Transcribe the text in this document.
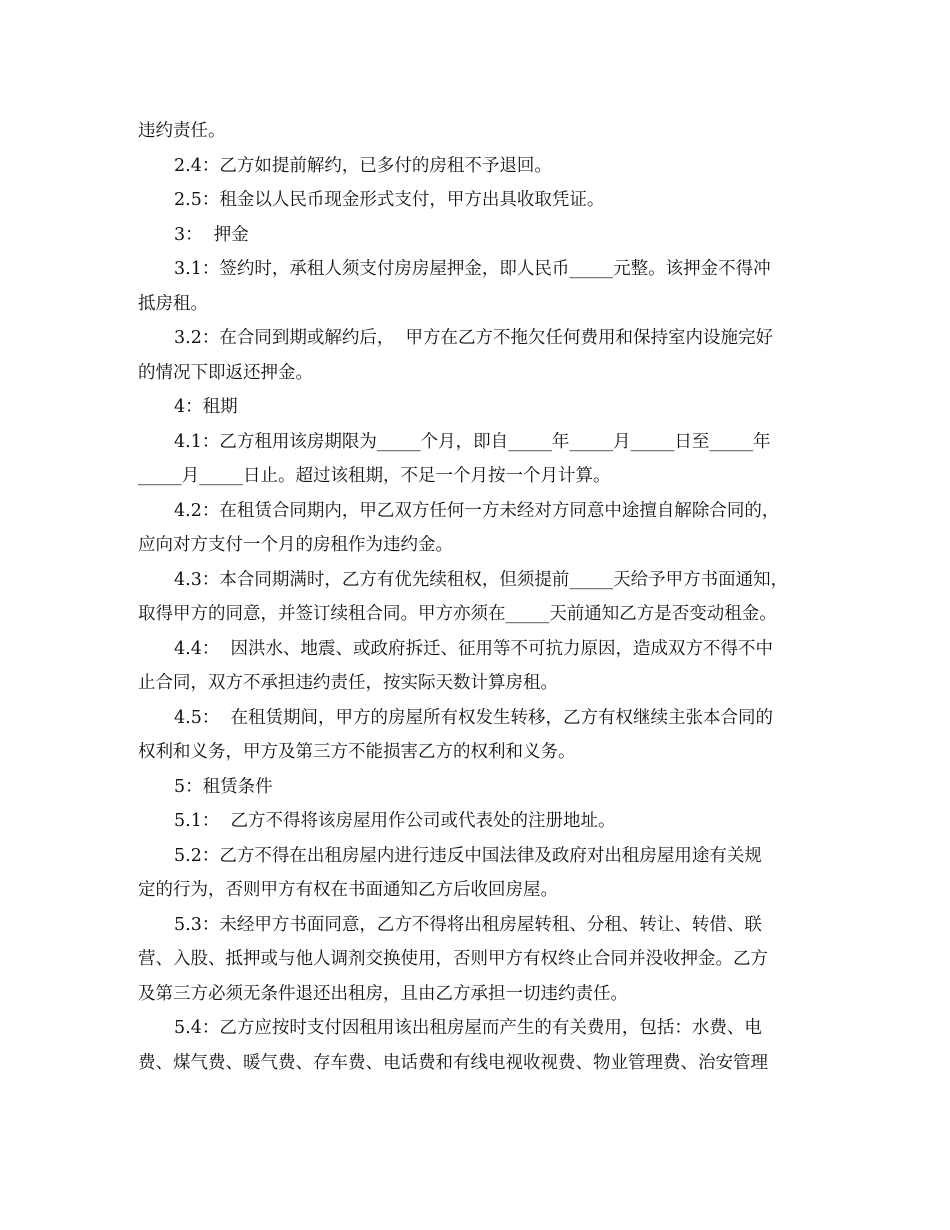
违约责任。
2.4：乙方如提前解约，已多付的房租不予退回。
2.5：租金以人民币现金形式支付，甲方出具收取凭证。
3：  押金
3.1：签约时，承租人须支付房房屋押金，即人民币_____元整。该押金不得冲
抵房租。
3.2：在合同到期或解约后，  甲方在乙方不拖欠任何费用和保持室内设施完好
的情况下即返还押金。
4：租期
4.1：乙方租用该房期限为_____个月，即自_____年_____月_____日至_____年
_____月_____日止。超过该租期，不足一个月按一个月计算。
4.2：在租赁合同期内，甲乙双方任何一方未经对方同意中途擅自解除合同的，
应向对方支付一个月的房租作为违约金。
4.3：本合同期满时，乙方有优先续租权，但须提前_____天给予甲方书面通知，
取得甲方的同意，并签订续租合同。甲方亦须在_____天前通知乙方是否变动租金。
4.4：  因洪水、地震、或政府拆迁、征用等不可抗力原因，造成双方不得不中
止合同，双方不承担违约责任，按实际天数计算房租。
4.5：  在租赁期间，甲方的房屋所有权发生转移，乙方有权继续主张本合同的
权利和义务，甲方及第三方不能损害乙方的权利和义务。
5：租赁条件
5.1：  乙方不得将该房屋用作公司或代表处的注册地址。
5.2：乙方不得在出租房屋内进行违反中国法律及政府对出租房屋用途有关规
定的行为，否则甲方有权在书面通知乙方后收回房屋。
5.3：未经甲方书面同意，乙方不得将出租房屋转租、分租、转让、转借、联
营、入股、抵押或与他人调剂交换使用，否则甲方有权终止合同并没收押金。乙方
及第三方必须无条件退还出租房，且由乙方承担一切违约责任。
5.4：乙方应按时支付因租用该出租房屋而产生的有关费用，包括：水费、电
费、煤气费、暖气费、存车费、电话费和有线电视收视费、物业管理费、治安管理
